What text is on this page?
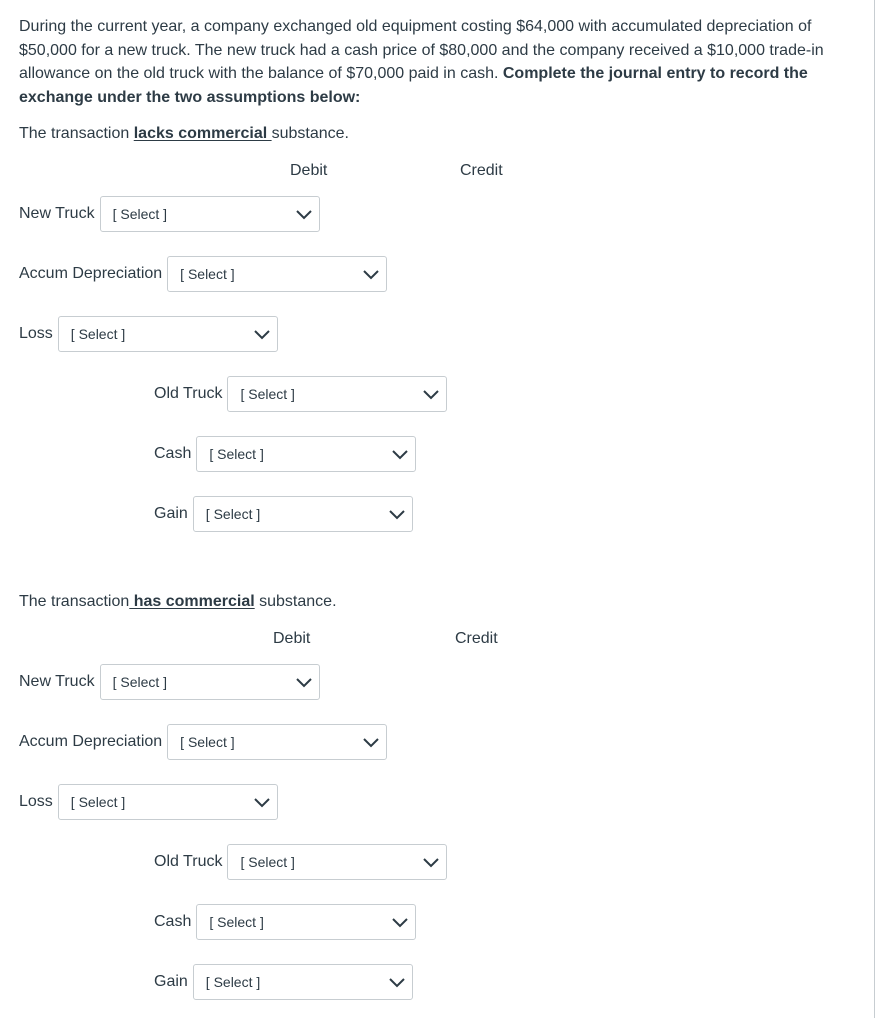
During the current year, a company exchanged old equipment costing $64,000 with accumulated depreciation of $50,000 for a new truck. The new truck had a cash price of $80,000 and the company received a $10,000 trade-in allowance on the old truck with the balance of $70,000 paid in cash. Complete the journal entry to record the exchange under the two assumptions below:

The transaction lacks commercial substance.

Debit	Credit
New Truck [ Select ]
Accum Depreciation [ Select ]
Loss [ Select ]
Old Truck [ Select ]
Cash [ Select ]
Gain [ Select ]

The transaction has commercial substance.

Debit	Credit
New Truck [ Select ]
Accum Depreciation [ Select ]
Loss [ Select ]
Old Truck [ Select ]
Cash [ Select ]
Gain [ Select ]
